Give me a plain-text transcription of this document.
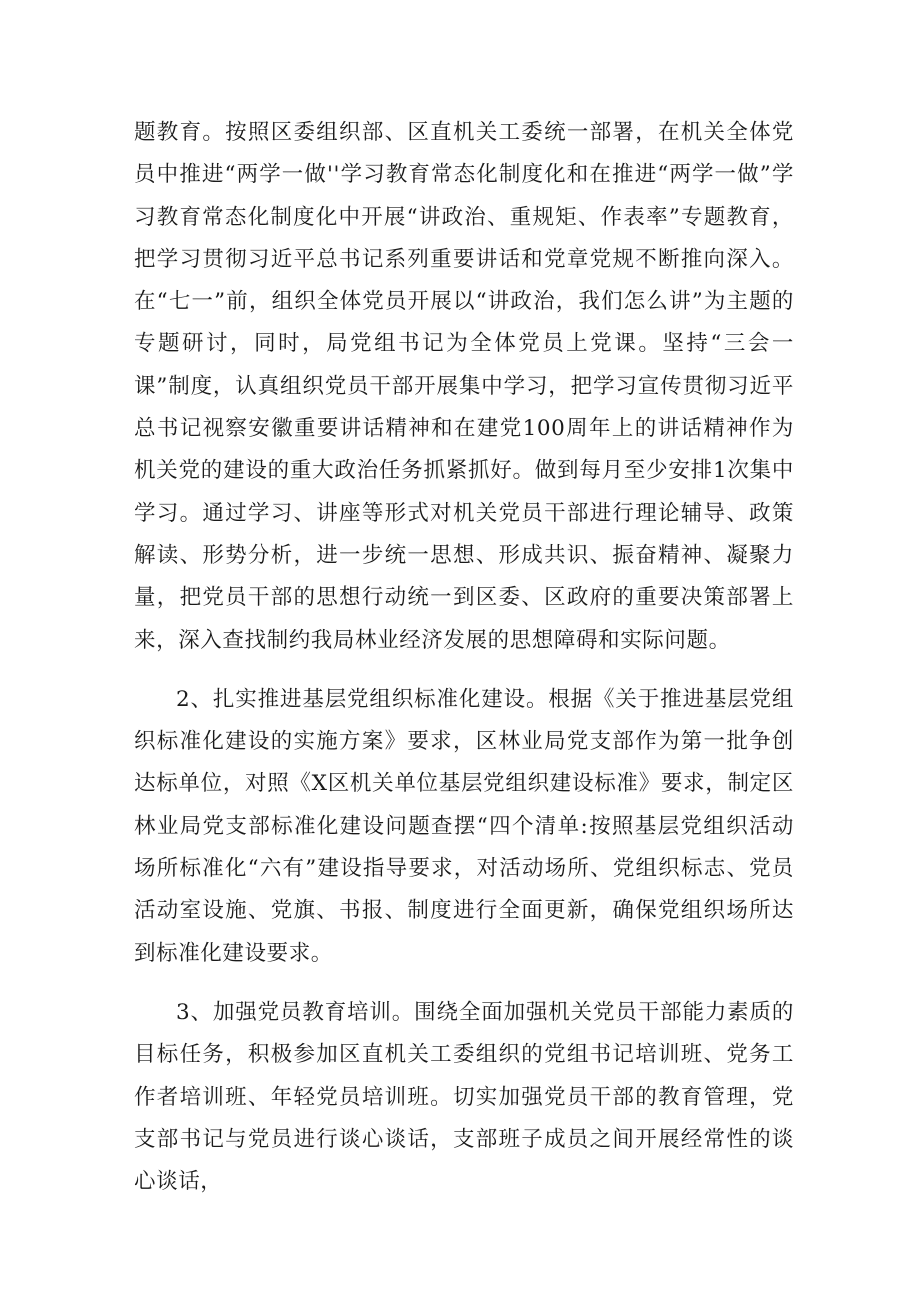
题教育。按照区委组织部、区直机关工委统一部署，在机关全体党员中推进“两学一做''学习教育常态化制度化和在推进“两学一做”学习教育常态化制度化中开展“讲政治、重规矩、作表率”专题教育，把学习贯彻习近平总书记系列重要讲话和党章党规不断推向深入。在“七一”前，组织全体党员开展以“讲政治，我们怎么讲”为主题的专题研讨，同时，局党组书记为全体党员上党课。坚持“三会一课”制度，认真组织党员干部开展集中学习，把学习宣传贯彻习近平总书记视察安徽重要讲话精神和在建党100周年上的讲话精神作为机关党的建设的重大政治任务抓紧抓好。做到每月至少安排1次集中学习。通过学习、讲座等形式对机关党员干部进行理论辅导、政策解读、形势分析，进一步统一思想、形成共识、振奋精神、凝聚力量，把党员干部的思想行动统一到区委、区政府的重要决策部署上来，深入查找制约我局林业经济发展的思想障碍和实际问题。

2、扎实推进基层党组织标准化建设。根据《关于推进基层党组织标准化建设的实施方案》要求，区林业局党支部作为第一批争创达标单位，对照《X区机关单位基层党组织建设标准》要求，制定区林业局党支部标准化建设问题查摆“四个清单:按照基层党组织活动场所标准化“六有”建设指导要求，对活动场所、党组织标志、党员活动室设施、党旗、书报、制度进行全面更新，确保党组织场所达到标准化建设要求。

3、加强党员教育培训。围绕全面加强机关党员干部能力素质的目标任务，积极参加区直机关工委组织的党组书记培训班、党务工作者培训班、年轻党员培训班。切实加强党员干部的教育管理，党支部书记与党员进行谈心谈话，支部班子成员之间开展经常性的谈心谈话，
